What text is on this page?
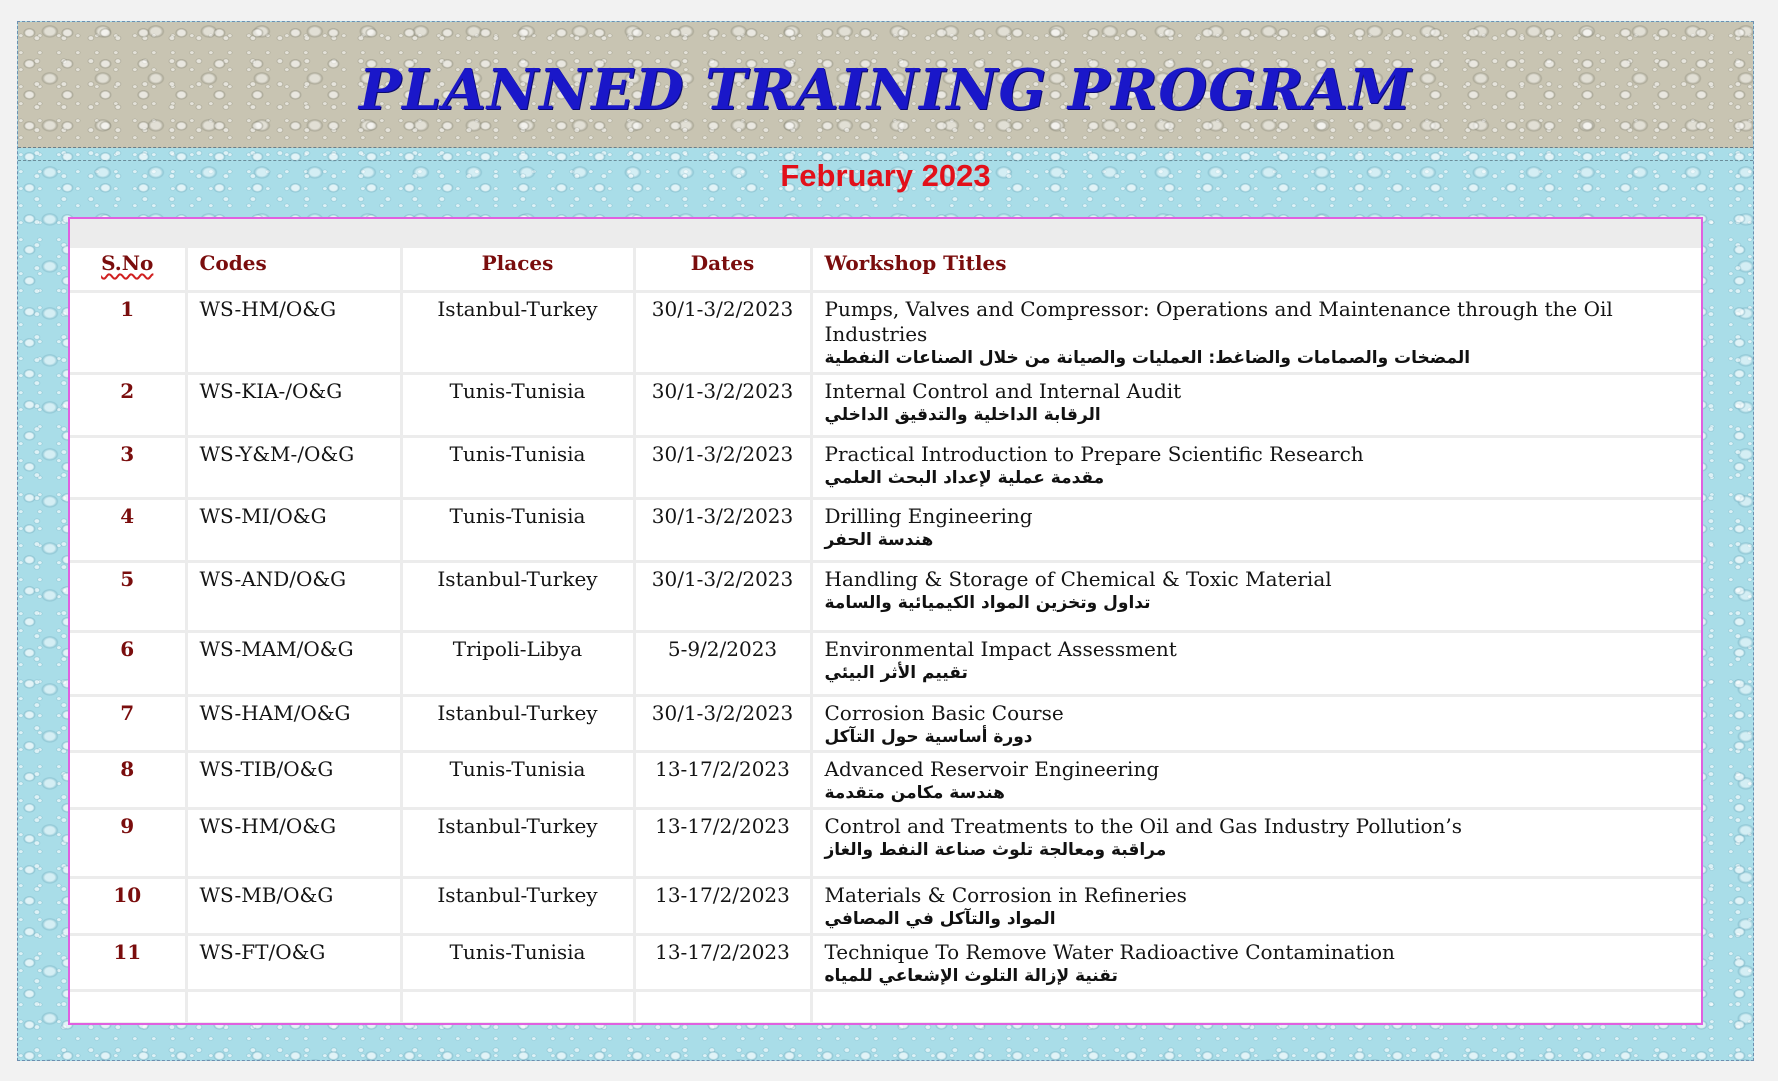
PLANNED TRAINING PROGRAM
February 2023
S.No	Codes	Places	Dates	Workshop Titles
1	WS-HM/O&G	Istanbul-Turkey	30/1-3/2/2023	Pumps, Valves and Compressor: Operations and Maintenance through the Oil Industries
المضخات والصمامات والضاغط: العمليات والصيانة من خلال الصناعات النفطية

2	WS-KIA-/O&G	Tunis-Tunisia	30/1-3/2/2023	Internal Control and Internal Audit
الرقابة الداخلية والتدقيق الداخلي

3	WS-Y&M-/O&G	Tunis-Tunisia	30/1-3/2/2023	Practical Introduction to Prepare Scientific Research
مقدمة عملية لإعداد البحث العلمي

4	WS-MI/O&G	Tunis-Tunisia	30/1-3/2/2023	Drilling Engineering
هندسة الحفر

5	WS-AND/O&G	Istanbul-Turkey	30/1-3/2/2023	Handling & Storage of Chemical & Toxic Material
تداول وتخزين المواد الكيميائية والسامة

6	WS-MAM/O&G	Tripoli-Libya	5-9/2/2023	Environmental Impact Assessment
تقييم الأثر البيئي

7	WS-HAM/O&G	Istanbul-Turkey	30/1-3/2/2023	Corrosion Basic Course
دورة أساسية حول التآكل

8	WS-TIB/O&G	Tunis-Tunisia	13-17/2/2023	Advanced Reservoir Engineering
هندسة مكامن متقدمة

9	WS-HM/O&G	Istanbul-Turkey	13-17/2/2023	Control and Treatments to the Oil and Gas Industry Pollution’s
مراقبة ومعالجة تلوث صناعة النفط والغاز

10	WS-MB/O&G	Istanbul-Turkey	13-17/2/2023	Materials & Corrosion in Refineries
المواد والتآكل في المصافي

11	WS-FT/O&G	Tunis-Tunisia	13-17/2/2023	Technique To Remove Water Radioactive Contamination
تقنية لإزالة التلوث الإشعاعي للمياه
